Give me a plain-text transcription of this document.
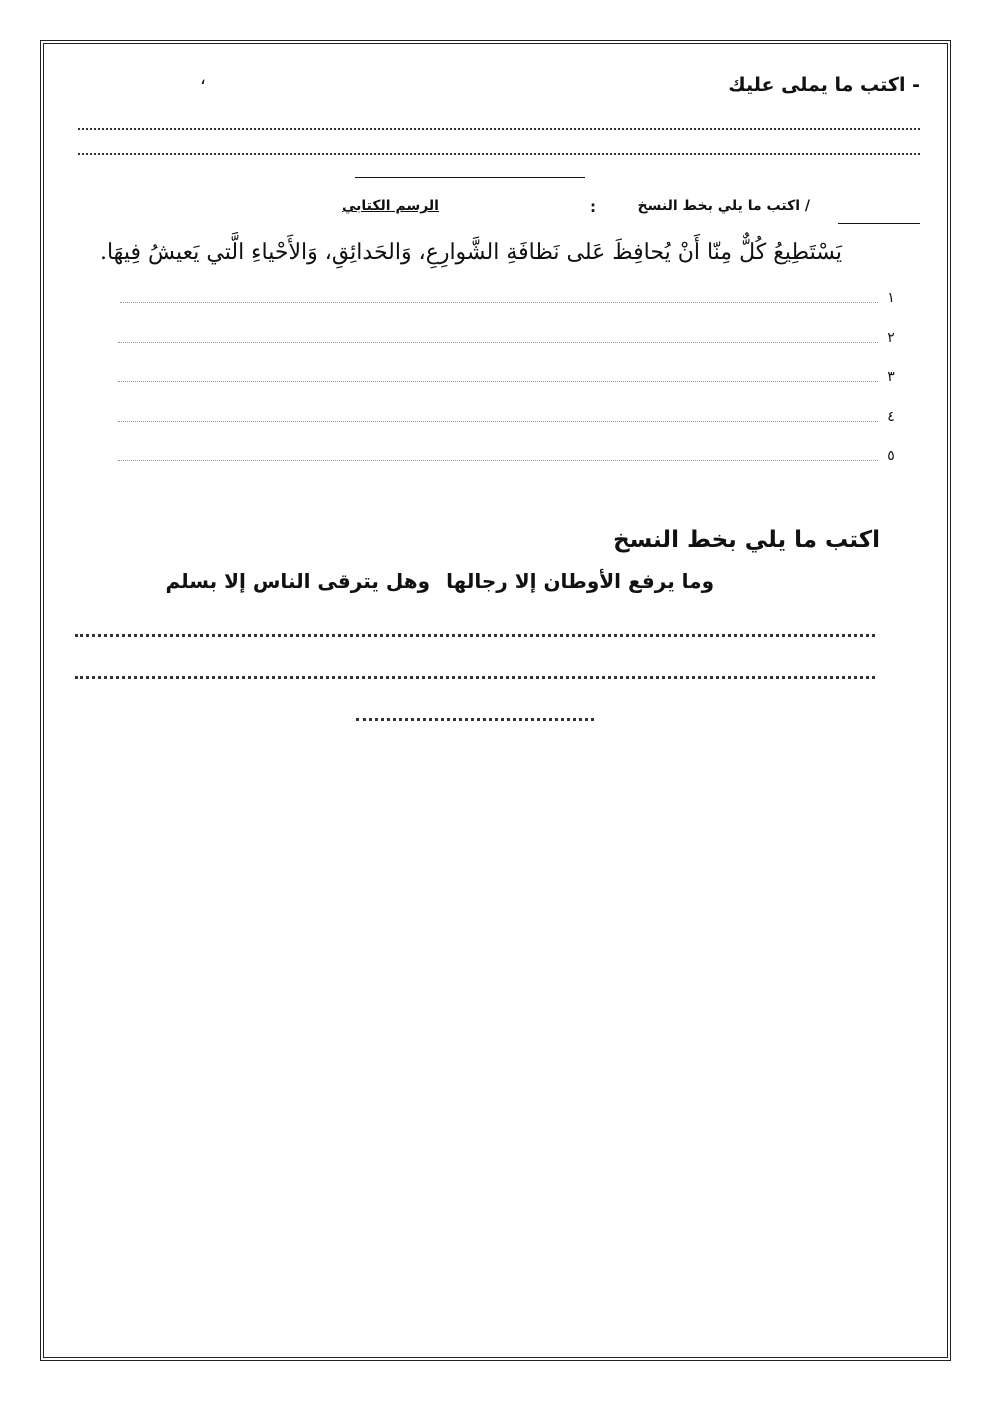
- اكتب ما يملى عليك
،
/ اكتب ما يلي بخط النسخ
:
الرسم الكتابي
يَسْتَطِيعُ كُلٌّ مِنّا أَنْ يُحافِظَ عَلى نَظافَةِ الشَّوارِعِ، وَالحَدائِقِ، وَالأَحْياءِ الَّتي يَعيشُ فِيهَا.
١
٢
٣
٤
٥
اكتب ما يلي بخط النسخ
وما يرفع الأوطان إلا رجالها
وهل يترقى الناس إلا بسلم
